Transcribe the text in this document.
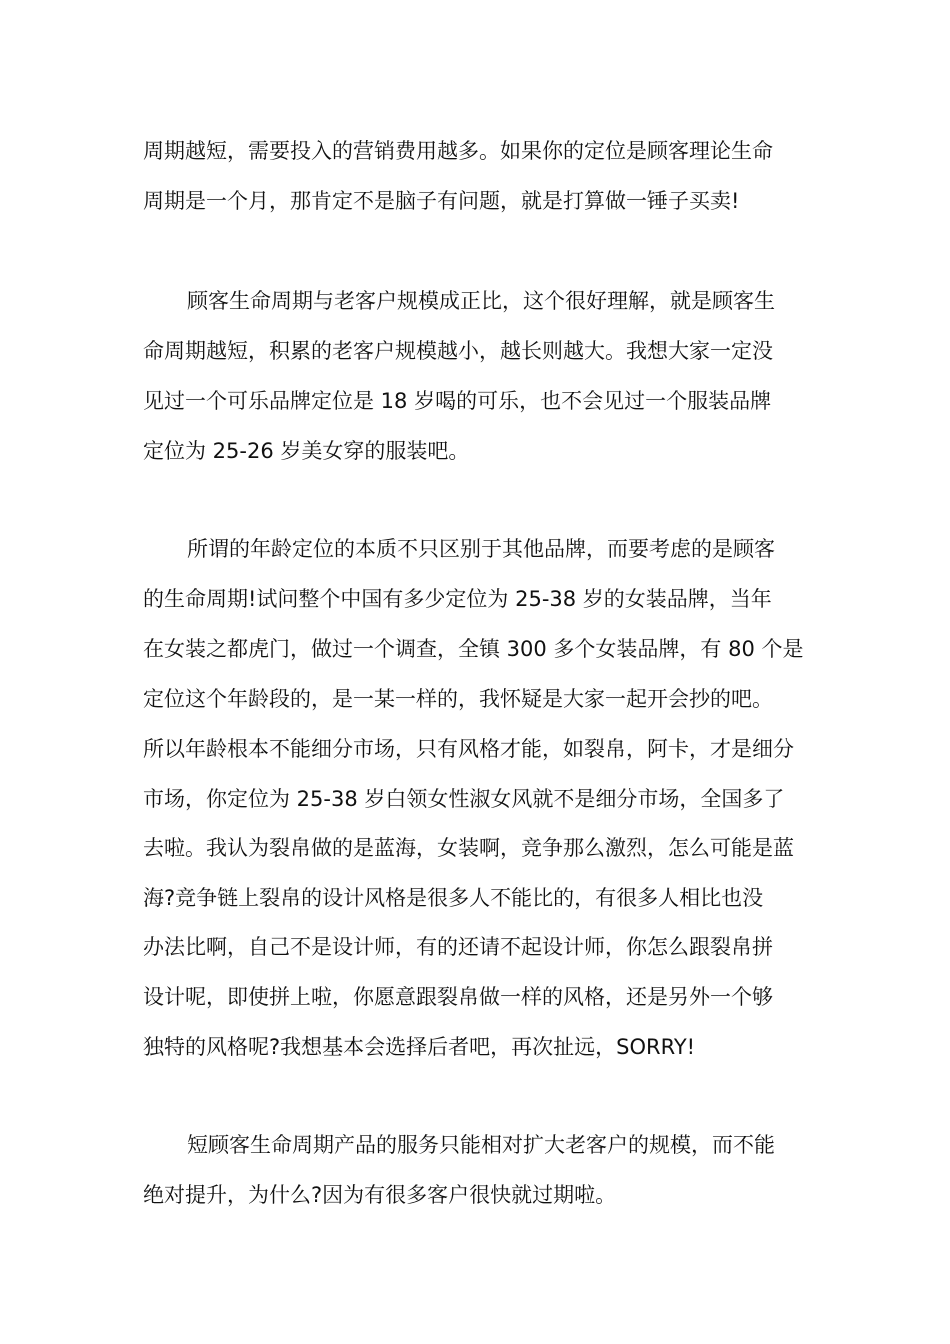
周期越短，需要投入的营销费用越多。如果你的定位是顾客理论生命
周期是一个月，那肯定不是脑子有问题，就是打算做一锤子买卖!
顾客生命周期与老客户规模成正比，这个很好理解，就是顾客生
命周期越短，积累的老客户规模越小，越长则越大。我想大家一定没
见过一个可乐品牌定位是 18 岁喝的可乐，也不会见过一个服装品牌
定位为 25-26 岁美女穿的服装吧。
所谓的年龄定位的本质不只区别于其他品牌，而要考虑的是顾客
的生命周期!试问整个中国有多少定位为 25-38 岁的女装品牌，当年
在女装之都虎门，做过一个调查，全镇 300 多个女装品牌，有 80 个是
定位这个年龄段的，是一某一样的，我怀疑是大家一起开会抄的吧。
所以年龄根本不能细分市场，只有风格才能，如裂帛，阿卡，才是细分
市场，你定位为 25-38 岁白领女性淑女风就不是细分市场，全国多了
去啦。我认为裂帛做的是蓝海，女装啊，竞争那么激烈，怎么可能是蓝
海?竞争链上裂帛的设计风格是很多人不能比的，有很多人相比也没
办法比啊，自己不是设计师，有的还请不起设计师，你怎么跟裂帛拼
设计呢，即使拼上啦，你愿意跟裂帛做一样的风格，还是另外一个够
独特的风格呢?我想基本会选择后者吧，再次扯远，SORRY!
短顾客生命周期产品的服务只能相对扩大老客户的规模，而不能
绝对提升，为什么?因为有很多客户很快就过期啦。
